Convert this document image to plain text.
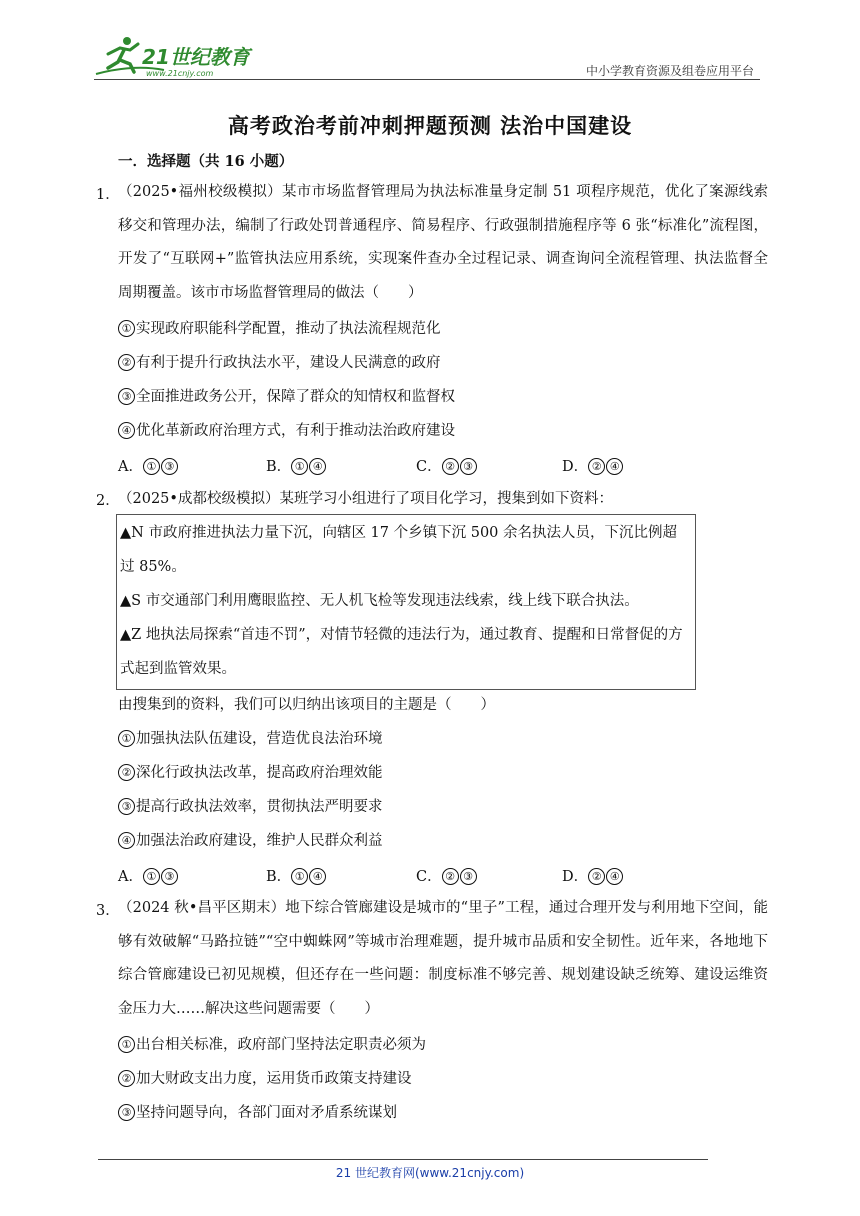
21世纪教育
www.21cnjy.com	中小学教育资源及组卷应用平台
高考政治考前冲刺押题预测 法治中国建设
一．选择题（共 16 小题）
1．
（2025•福州校级模拟）某市市场监督管理局为执法标准量身定制 51 项程序规范，优化了案源线索移交和管理办法，编制了行政处罚普通程序、简易程序、行政强制措施程序等 6 张“标准化”流程图，开发了“互联网+”监管执法应用系统，实现案件查办全过程记录、调查询问全流程管理、执法监督全周期覆盖。该市市场监督管理局的做法（　　）
① 实现政府职能科学配置，推动了执法流程规范化
② 有利于提升行政执法水平，建设人民满意的政府
③ 全面推进政务公开，保障了群众的知情权和监督权
④ 优化革新政府治理方式，有利于推动法治政府建设
A． ① ③	B． ① ④	C． ② ③	D． ② ④
2．
（2025•成都校级模拟）某班学习小组进行了项目化学习，搜集到如下资料：
▲N 市政府推进执法力量下沉，向辖区 17 个乡镇下沉 500 余名执法人员，下沉比例超过 85%。
▲S 市交通部门利用鹰眼监控、无人机飞检等发现违法线索，线上线下联合执法。
▲Z 地执法局探索“首违不罚”，对情节轻微的违法行为，通过教育、提醒和日常督促的方式起到监管效果。
由搜集到的资料，我们可以归纳出该项目的主题是（　　）
① 加强执法队伍建设，营造优良法治环境
② 深化行政执法改革，提高政府治理效能
③ 提高行政执法效率，贯彻执法严明要求
④ 加强法治政府建设，维护人民群众利益
A． ① ③	B． ① ④	C． ② ③	D． ② ④
3．
（2024 秋•昌平区期末）地下综合管廊建设是城市的“里子”工程，通过合理开发与利用地下空间，能够有效破解“马路拉链”“空中蜘蛛网”等城市治理难题，提升城市品质和安全韧性。近年来，各地地下综合管廊建设已初见规模，但还存在一些问题：制度标准不够完善、规划建设缺乏统筹、建设运维资金压力大……解决这些问题需要（　　）
① 出台相关标准，政府部门坚持法定职责必须为
② 加大财政支出力度，运用货币政策支持建设
③ 坚持问题导向，各部门面对矛盾系统谋划
21 世纪教育网(www.21cnjy.com)
